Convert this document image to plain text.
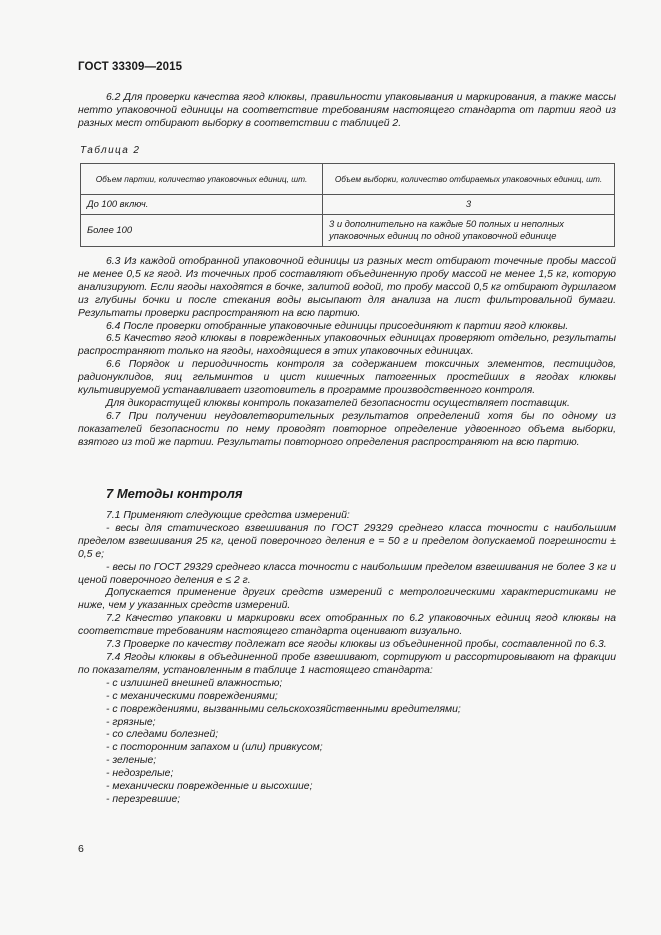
ГОСТ 33309—2015

6.2 Для проверки качества ягод клюквы, правильности упаковывания и маркирования, а также массы нетто упаковочной единицы на соответствие требованиям настоящего стандарта от партии ягод из разных мест отбирают выборку в соответствии с таблицей 2.

Таблица 2
Объем партии, количество упаковочных единиц, шт.	Объем выборки, количество отбираемых упаковочных единиц, шт.
До 100 включ.	3
Более 100	3 и дополнительно на каждые 50 полных и неполных упаковочных единиц по одной упаковочной единице

6.3 Из каждой отобранной упаковочной единицы из разных мест отбирают точечные пробы массой не менее 0,5 кг ягод. Из точечных проб составляют объединенную пробу массой не менее 1,5 кг, которую анализируют. Если ягоды находятся в бочке, залитой водой, то пробу массой 0,5 кг отбирают дуршлагом из глубины бочки и после стекания воды высыпают для анализа на лист фильтровальной бумаги. Результаты проверки распространяют на всю партию.

6.4 После проверки отобранные упаковочные единицы присоединяют к партии ягод клюквы.

6.5 Качество ягод клюквы в поврежденных упаковочных единицах проверяют отдельно, результаты распространяют только на ягоды, находящиеся в этих упаковочных единицах.

6.6 Порядок и периодичность контроля за содержанием токсичных элементов, пестицидов, радионуклидов, яиц гельминтов и цист кишечных патогенных простейших в ягодах клюквы культивируемой устанавливает изготовитель в программе производственного контроля.

Для дикорастущей клюквы контроль показателей безопасности осуществляет поставщик.

6.7 При получении неудовлетворительных результатов определений хотя бы по одному из показателей безопасности по нему проводят повторное определение удвоенного объема выборки, взятого из той же партии. Результаты повторного определения распространяют на всю партию.

7 Методы контроля

7.1 Применяют следующие средства измерений:

- весы для статического взвешивания по ГОСТ 29329 среднего класса точности с наибольшим пределом взвешивания 25 кг, ценой поверочного деления е = 50 г и пределом допускаемой погрешности ± 0,5 е;

- весы по ГОСТ 29329 среднего класса точности с наибольшим пределом взвешивания не более 3 кг и ценой поверочного деления е ≤ 2 г.

Допускается применение других средств измерений с метрологическими характеристиками не ниже, чем у указанных средств измерений.

7.2 Качество упаковки и маркировки всех отобранных по 6.2 упаковочных единиц ягод клюквы на соответствие требованиям настоящего стандарта оценивают визуально.

7.3 Проверке по качеству подлежат все ягоды клюквы из объединенной пробы, составленной по 6.3.

7.4 Ягоды клюквы в объединенной пробе взвешивают, сортируют и рассортировывают на фракции по показателям, установленным в таблице 1 настоящего стандарта:

- с излишней внешней влажностью;

- с механическими повреждениями;

- с повреждениями, вызванными сельскохозяйственными вредителями;

- грязные;

- со следами болезней;

- с посторонним запахом и (или) привкусом;

- зеленые;

- недозрелые;

- механически поврежденные и высохшие;

- перезревшие;

6
